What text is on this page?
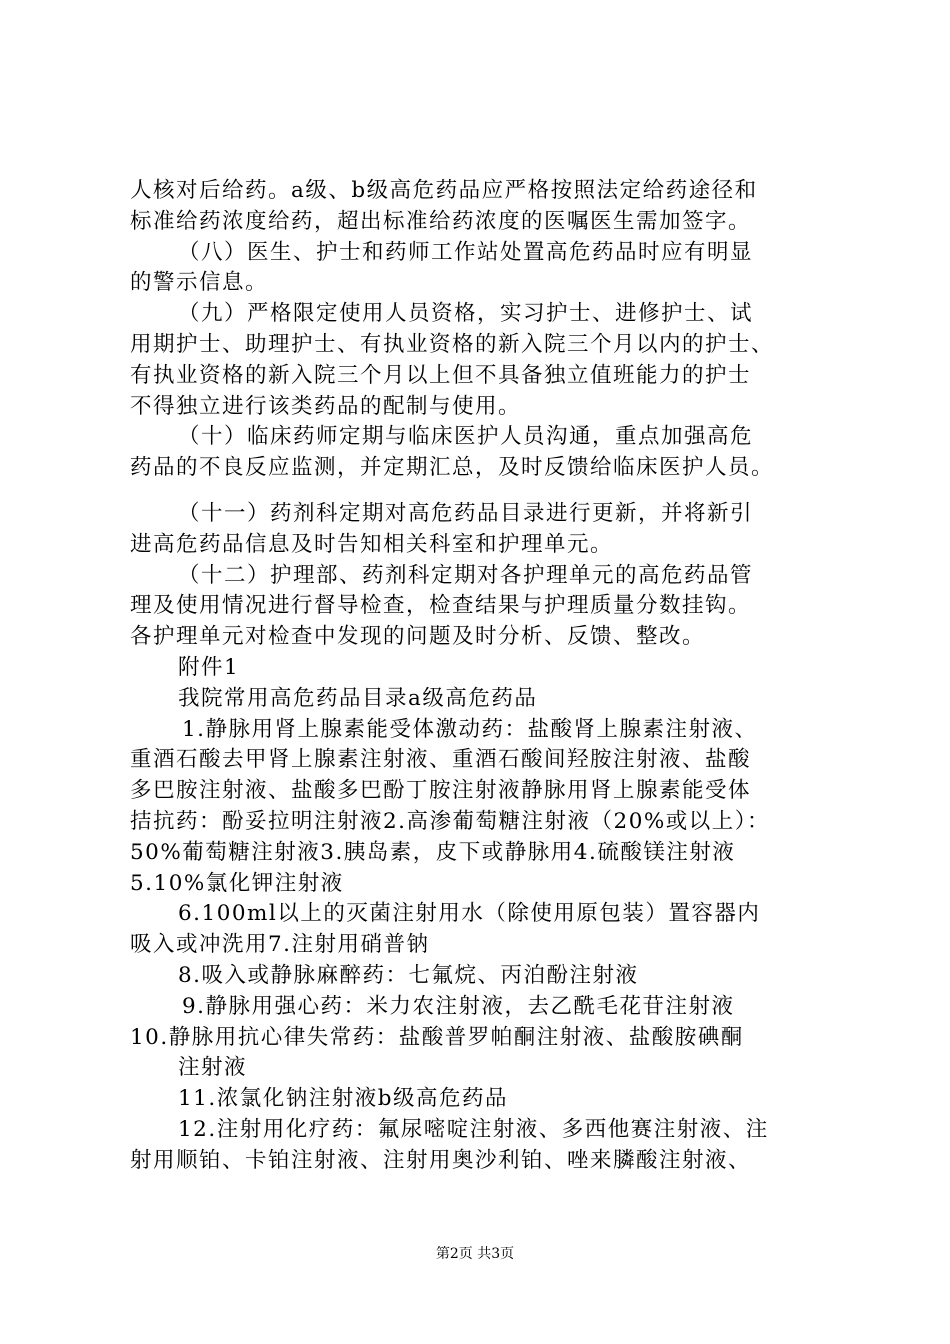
人核对后给药。a级、b级高危药品应严格按照法定给药途径和
标准给药浓度给药，超出标准给药浓度的医嘱医生需加签字。
（八）医生、护士和药师工作站处置高危药品时应有明显
的警示信息。
（九）严格限定使用人员资格，实习护士、进修护士、试
用期护士、助理护士、有执业资格的新入院三个月以内的护士、
有执业资格的新入院三个月以上但不具备独立值班能力的护士
不得独立进行该类药品的配制与使用。
（十）临床药师定期与临床医护人员沟通，重点加强高危
药品的不良反应监测，并定期汇总，及时反馈给临床医护人员。
（十一）药剂科定期对高危药品目录进行更新，并将新引
进高危药品信息及时告知相关科室和护理单元。
（十二）护理部、药剂科定期对各护理单元的高危药品管
理及使用情况进行督导检查，检查结果与护理质量分数挂钩。
各护理单元对检查中发现的问题及时分析、反馈、整改。
附件1
我院常用高危药品目录a级高危药品
1.静脉用肾上腺素能受体激动药：盐酸肾上腺素注射液、
重酒石酸去甲肾上腺素注射液、重酒石酸间羟胺注射液、盐酸
多巴胺注射液、盐酸多巴酚丁胺注射液静脉用肾上腺素能受体
拮抗药：酚妥拉明注射液2.高渗葡萄糖注射液（20%或以上）：
50%葡萄糖注射液3.胰岛素，皮下或静脉用4.硫酸镁注射液
5.10%氯化钾注射液
6.100ml以上的灭菌注射用水（除使用原包装）置容器内
吸入或冲洗用7.注射用硝普钠
8.吸入或静脉麻醉药：七氟烷、丙泊酚注射液
9.静脉用强心药：米力农注射液，去乙酰毛花苷注射液
10.静脉用抗心律失常药：盐酸普罗帕酮注射液、盐酸胺碘酮
注射液
11.浓氯化钠注射液b级高危药品
12.注射用化疗药：氟尿嘧啶注射液、多西他赛注射液、注
射用顺铂、卡铂注射液、注射用奥沙利铂、唑来膦酸注射液、
第2页 共3页
